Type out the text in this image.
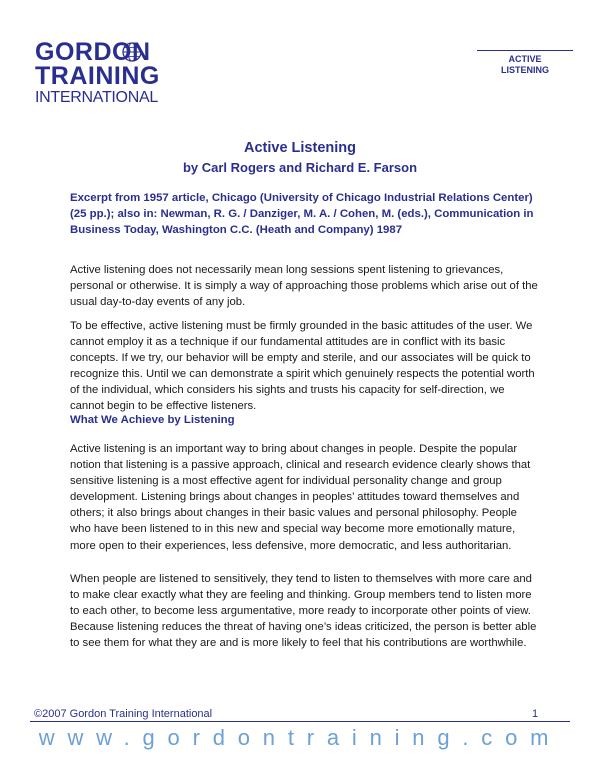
GORDON
TRAINING
INTERNATIONAL
ACTIVE
LISTENING
Active Listening
by Carl Rogers and Richard E. Farson
Excerpt from 1957 article, Chicago (University of Chicago Industrial Relations Center) (25 pp.); also in: Newman, R. G. / Danziger, M. A. / Cohen, M. (eds.), Communication in Business Today, Washington C.C. (Heath and Company) 1987
Active listening does not necessarily mean long sessions spent listening to grievances, personal or otherwise. It is simply a way of approaching those problems which arise out of the usual day-to-day events of any job.
To be effective, active listening must be firmly grounded in the basic attitudes of the user. We cannot employ it as a technique if our fundamental attitudes are in conflict with its basic concepts. If we try, our behavior will be empty and sterile, and our associates will be quick to recognize this. Until we can demonstrate a spirit which genuinely respects the potential worth of the individual, which considers his sights and trusts his capacity for self-direction, we cannot begin to be effective listeners.
What We Achieve by Listening
Active listening is an important way to bring about changes in people. Despite the popular notion that listening is a passive approach, clinical and research evidence clearly shows that sensitive listening is a most effective agent for individual personality change and group development. Listening brings about changes in peoples’ attitudes toward themselves and others; it also brings about changes in their basic values and personal philosophy. People who have been listened to in this new and special way become more emotionally mature, more open to their experiences, less defensive, more democratic, and less authoritarian.
When people are listened to sensitively, they tend to listen to themselves with more care and to make clear exactly what they are feeling and thinking. Group members tend to listen more to each other, to become less argumentative, more ready to incorporate other points of view. Because listening reduces the threat of having one’s ideas criticized, the person is better able to see them for what they are and is more likely to feel that his contributions are worthwhile.
©2007 Gordon Training International	1
www.gordontraining.com
